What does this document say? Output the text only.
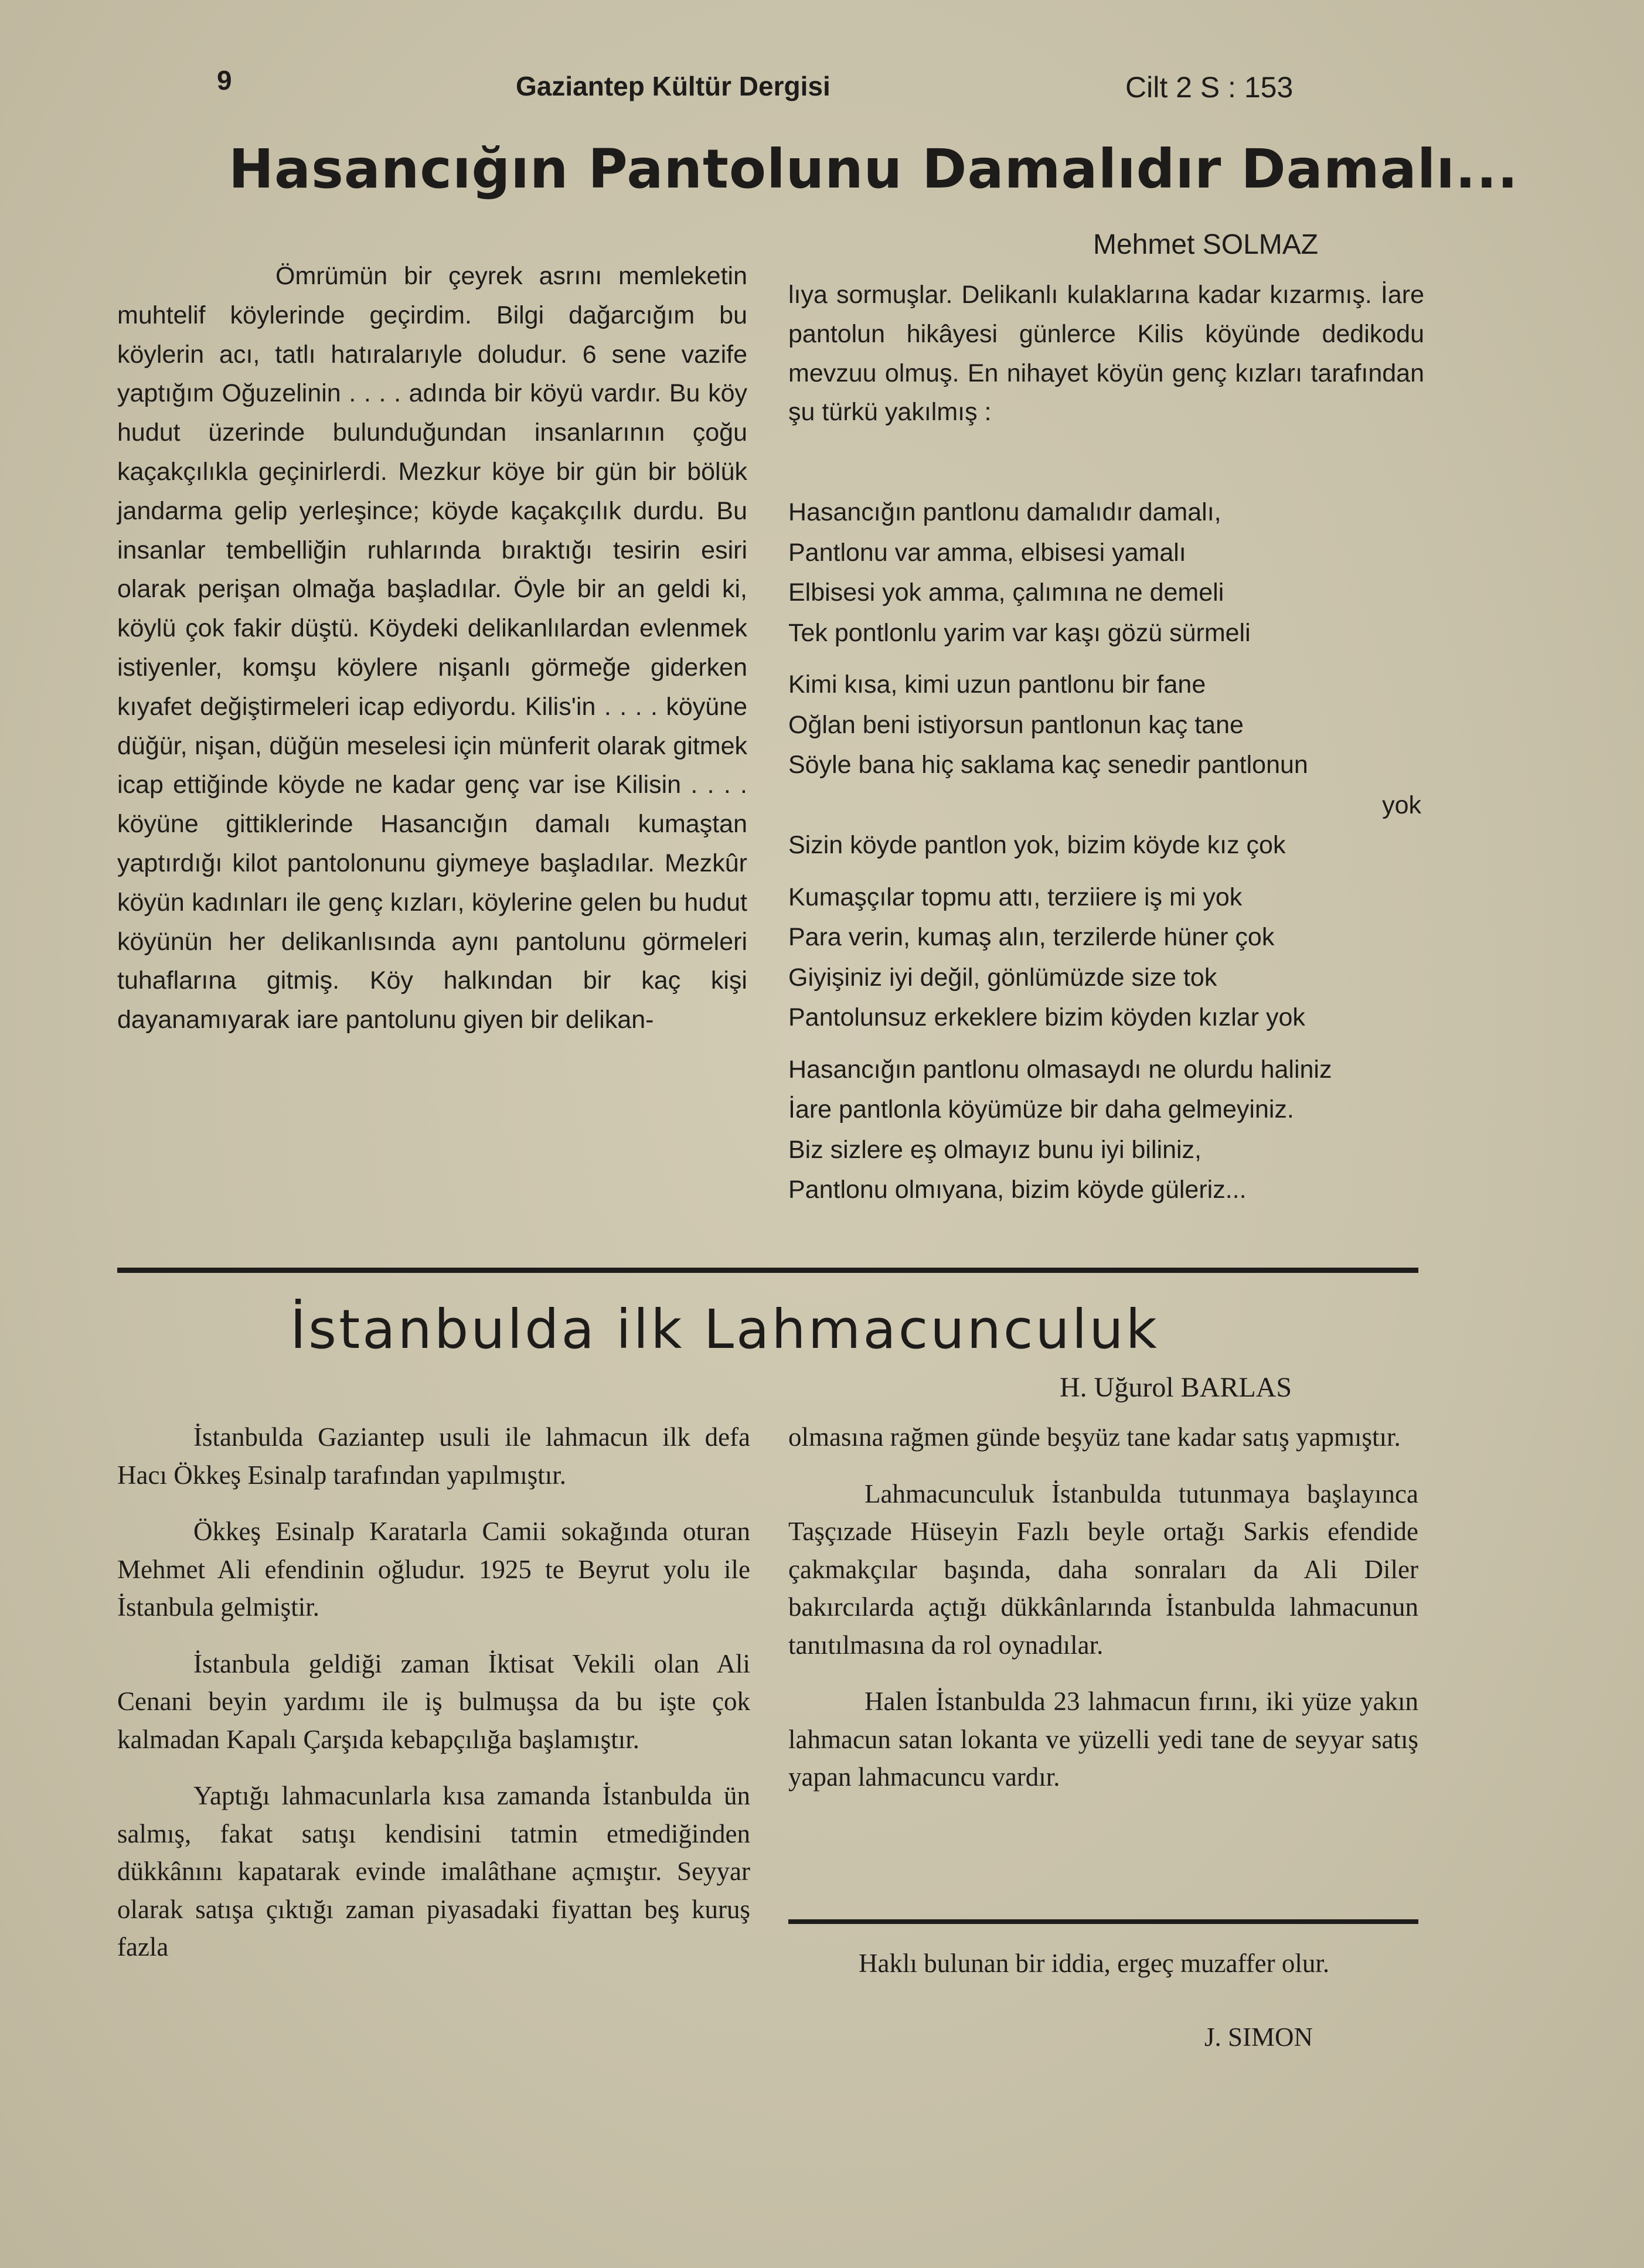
9	Gaziantep Kültür Dergisi	Cilt 2 S : 153
Hasancığın Pantolunu Damalıdır Damalı...
Mehmet SOLMAZ

Ömrümün bir çeyrek asrını memleketin muhtelif köylerinde geçirdim. Bilgi dağarcığım bu köylerin acı, tatlı hatıralarıyle doludur. 6 sene vazife yaptığım Oğuzelinin . . . . adında bir köyü vardır. Bu köy hudut üzerinde bulunduğundan insanlarının çoğu kaçakçılıkla geçinirlerdi. Mezkur köye bir gün bir bölük jandarma gelip yerleşince; köyde kaçakçılık durdu. Bu insanlar tembelliğin ruhlarında bıraktığı tesirin esiri olarak perişan olmağa başladılar. Öyle bir an geldi ki, köylü çok fakir düştü. Köydeki delikanlılardan evlenmek istiyenler, komşu köylere nişanlı görmeğe giderken kıyafet değiştirmeleri icap ediyordu. Kilis'in . . . . köyüne düğür, nişan, düğün meselesi için münferit olarak gitmek icap ettiğinde köyde ne kadar genç var ise Kilisin . . . . köyüne gittiklerinde Hasancığın damalı kumaştan yaptırdığı kilot pantolonunu giymeye başladılar. Mezkûr köyün kadınları ile genç kızları, köylerine gelen bu hudut köyünün her delikanlısında aynı pantolunu görmeleri tuhaflarına gitmiş. Köy halkından bir kaç kişi dayanamıyarak iare pantolunu giyen bir delikan-

lıya sormuşlar. Delikanlı kulaklarına kadar kızarmış. İare pantolun hikâyesi günlerce Kilis köyünde dedikodu mevzuu olmuş. En nihayet köyün genç kızları tarafından şu türkü yakılmış :

Hasancığın pantlonu damalıdır damalı,
Pantlonu var amma, elbisesi yamalı
Elbisesi yok amma, çalımına ne demeli
Tek pontlonlu yarim var kaşı gözü sürmeli
Kimi kısa, kimi uzun pantlonu bir fane
Oğlan beni istiyorsun pantlonun kaç tane
Söyle bana hiç saklama kaç senedir pantlonun
yok
Sizin köyde pantlon yok, bizim köyde kız çok
Kumaşçılar topmu attı, terziiere iş mi yok
Para verin, kumaş alın, terzilerde hüner çok
Giyişiniz iyi değil, gönlümüzde size tok
Pantolunsuz erkeklere bizim köyden kızlar yok
Hasancığın pantlonu olmasaydı ne olurdu haliniz
İare pantlonla köyümüze bir daha gelmeyiniz.
Biz sizlere eş olmayız bunu iyi biliniz,
Pantlonu olmıyana, bizim köyde güleriz...
İstanbulda ilk Lahmacunculuk
H. Uğurol BARLAS

İstanbulda Gaziantep usuli ile lahmacun ilk defa Hacı Ökkeş Esinalp tarafından yapılmıştır.

Ökkeş Esinalp Karatarla Camii sokağında oturan Mehmet Ali efendinin oğludur. 1925 te Beyrut yolu ile İstanbula gelmiştir.

İstanbula geldiği zaman İktisat Vekili olan Ali Cenani beyin yardımı ile iş bulmuşsa da bu işte çok kalmadan Kapalı Çarşıda kebapçılığa başlamıştır.

Yaptığı lahmacunlarla kısa zamanda İstanbulda ün salmış, fakat satışı kendisini tatmin etmediğinden dükkânını kapatarak evinde imalâthane açmıştır. Seyyar olarak satışa çıktığı zaman piyasadaki fiyattan beş kuruş fazla

olmasına rağmen günde beşyüz tane kadar satış yapmıştır.

Lahmacunculuk İstanbulda tutunmaya başlayınca Taşçızade Hüseyin Fazlı beyle ortağı Sarkis efendide çakmakçılar başında, daha sonraları da Ali Diler bakırcılarda açtığı dükkânlarında İstanbulda lahmacunun tanıtılmasına da rol oynadılar.

Halen İstanbulda 23 lahmacun fırını, iki yüze yakın lahmacun satan lokanta ve yüzelli yedi tane de seyyar satış yapan lahmacuncu vardır.

Haklı bulunan bir iddia, ergeç muzaffer olur.
J. SIMON
